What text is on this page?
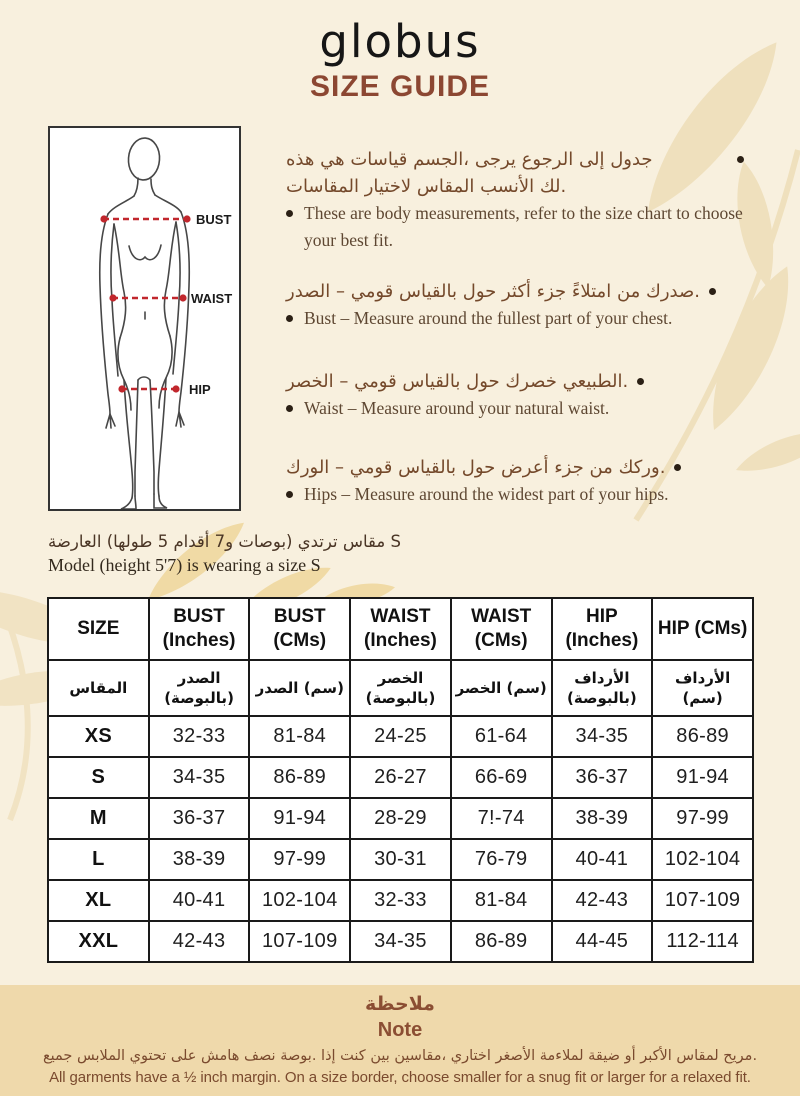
globus
SIZE GUIDE
BUST
WAIST
HIP
هذه هي قياسات الجسم، يرجى الرجوع إلى جدول المقاسات لاختيار المقاس الأنسب لك.
These are body measurements, refer to the size chart to choose your best fit.
الصدر – قومي بالقياس حول أكثر جزء امتلاءً من صدرك.
Bust – Measure around the fullest part of your chest.
الخصر – قومي بالقياس حول خصرك الطبيعي.
Waist – Measure around your natural waist.
الورك – قومي بالقياس حول أعرض جزء من وركك.
Hips – Measure around the widest part of your hips.
العارضة (طولها 5 أقدام و7 بوصات) ترتدي مقاس S
Model (height 5'7) is wearing a size S
SIZE	BUST (Inches)	BUST (CMs)	WAIST (Inches)	WAIST (CMs)	HIP (Inches)	HIP (CMs)
المقاس	الصدر (بالبوصة)	الصدر (سم)	الخصر (بالبوصة)	الخصر (سم)	الأرداف (بالبوصة)	الأرداف (سم)
XS	32-33	81-84	24-25	61-64	34-35	86-89
S	34-35	86-89	26-27	66-69	36-37	91-94
M	36-37	91-94	28-29	7!-74	38-39	97-99
L	38-39	97-99	30-31	76-79	40-41	102-104
XL	40-41	102-104	32-33	81-84	42-43	107-109
XXL	42-43	107-109	34-35	86-89	44-45	112-114
ملاحظة
Note
جميع الملابس تحتوي على هامش نصف بوصة. إذا كنت بين مقاسين، اختاري الأصغر لملاءمة ضيقة أو الأكبر لمقاس مريح.
All garments have a ½ inch margin. On a size border, choose smaller for a snug fit or larger for a relaxed fit.
